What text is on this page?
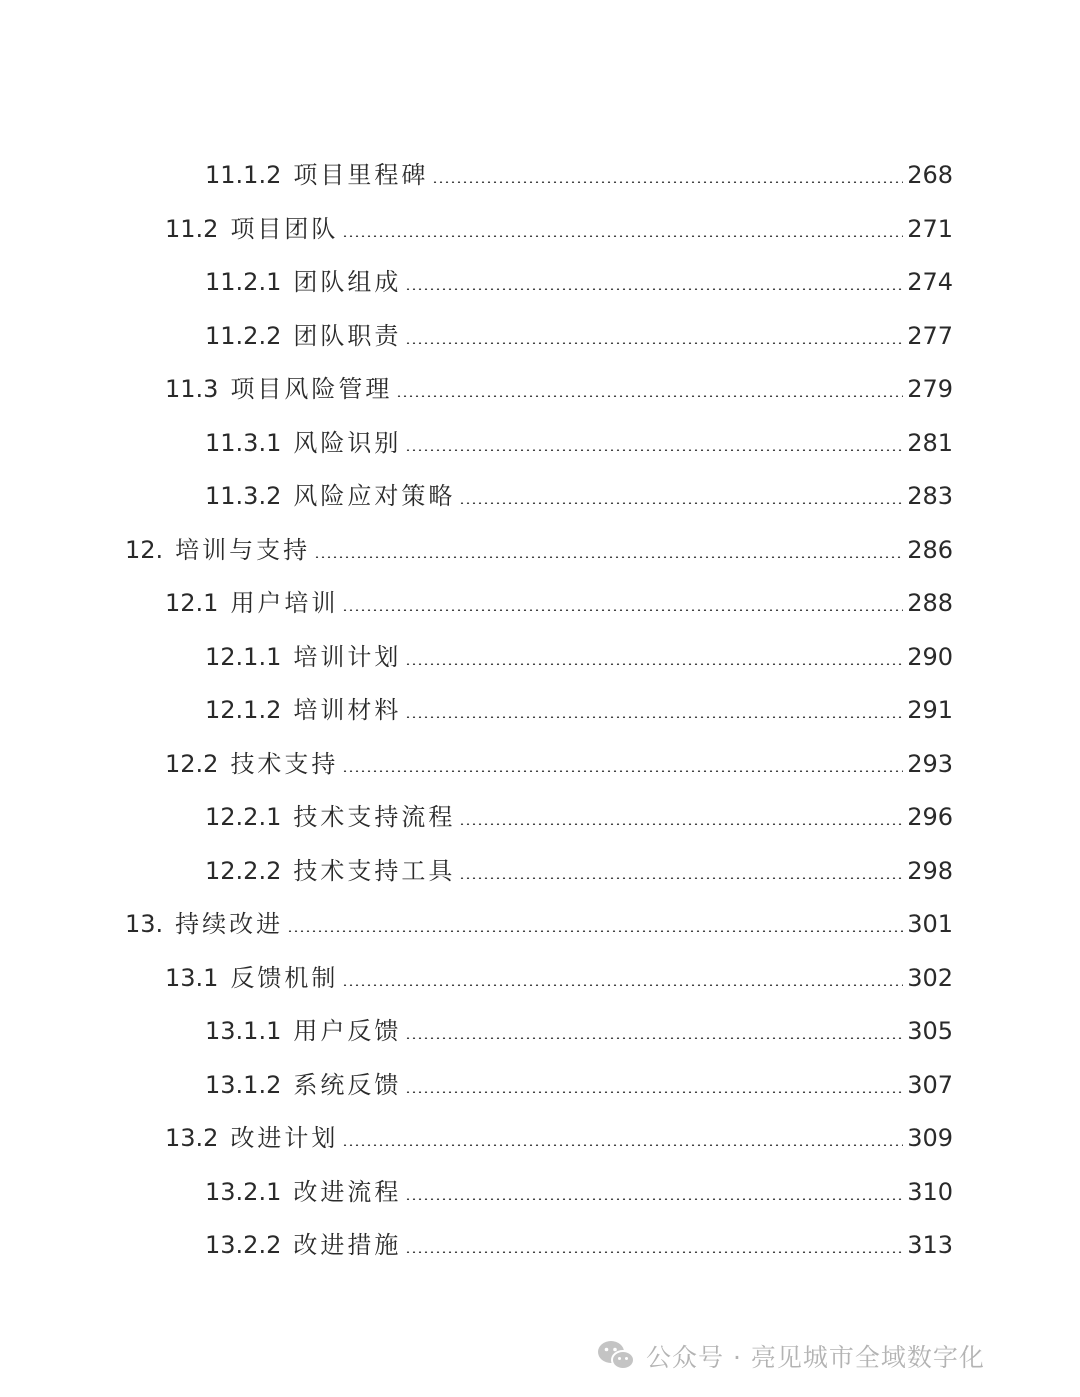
11.1.2 项目里程碑	268
11.2 项目团队	271
11.2.1 团队组成	274
11.2.2 团队职责	277
11.3 项目风险管理	279
11.3.1 风险识别	281
11.3.2 风险应对策略	283
12. 培训与支持	286
12.1 用户培训	288
12.1.1 培训计划	290
12.1.2 培训材料	291
12.2 技术支持	293
12.2.1 技术支持流程	296
12.2.2 技术支持工具	298
13. 持续改进	301
13.1 反馈机制	302
13.1.1 用户反馈	305
13.1.2 系统反馈	307
13.2 改进计划	309
13.2.1 改进流程	310
13.2.2 改进措施	313
公众号 · 亮见城市全域数字化
